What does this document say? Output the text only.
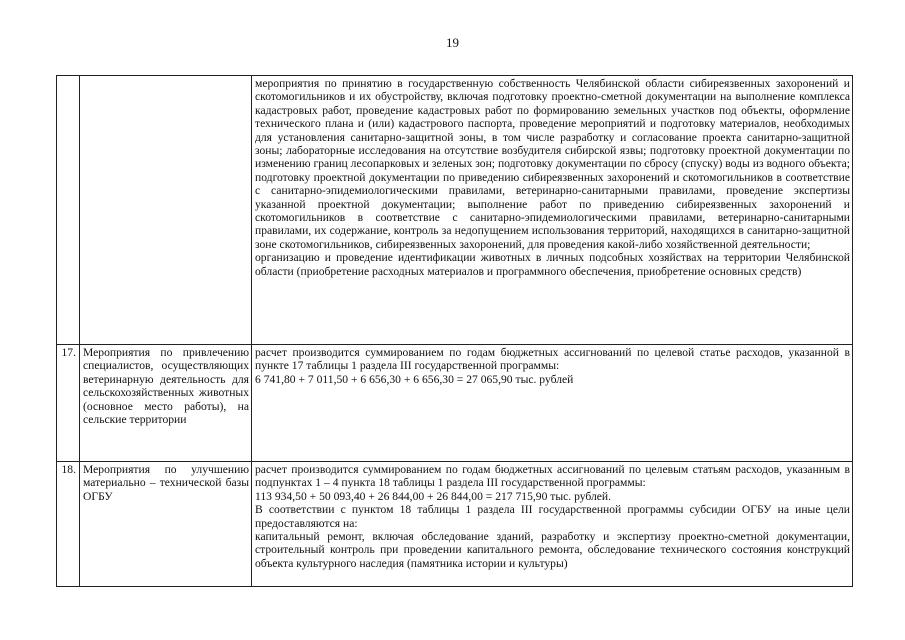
19

		мероприятия по принятию в государственную собственность Челябинской области сибиреязвенных захоронений и скотомогильников и их обустройству, включая подготовку проектно-сметной документации на выполнение комплекса кадастровых работ, проведение кадастровых работ по формированию земельных участков под объекты, оформление технического плана и (или) кадастрового паспорта, проведение мероприятий и подготовку материалов, необходимых для установления санитарно-защитной зоны, в том числе разработку и согласование проекта санитарно-защитной зоны; лабораторные исследования на отсутствие возбудителя сибирской язвы; подготовку проектной документации по изменению границ лесопарковых и зеленых зон; подготовку документации по сбросу (спуску) воды из водного объекта; подготовку проектной документации по приведению сибиреязвенных захоронений и скотомогильников в соответствие с санитарно-эпидемиологическими правилами, ветеринарно-санитарными правилами, проведение экспертизы указанной проектной документации; выполнение работ по приведению сибиреязвенных захоронений и скотомогильников в соответствие с санитарно-эпидемиологическими правилами, ветеринарно-санитарными правилами, их содержание, контроль за недопущением использования территорий, находящихся в санитарно-защитной зоне скотомогильников, сибиреязвенных захоронений, для проведения какой-либо хозяйственной деятельности;
организацию и проведение идентификации животных в личных подсобных хозяйствах на территории Челябинской области (приобретение расходных материалов и программного обеспечения, приобретение основных средств)

17.	Мероприятия по привлечению специалистов, осуществляющих ветеринарную деятельность для сельскохозяйственных животных (основное место работы), на сельские территории	расчет производится суммированием по годам бюджетных ассигнований по целевой статье расходов, указанной в пункте 17 таблицы 1 раздела III государственной программы:
6 741,80 + 7 011,50 + 6 656,30 + 6 656,30 = 27 065,90 тыс. рублей

18.	Мероприятия по улучшению материально – технической базы ОГБУ	расчет производится суммированием по годам бюджетных ассигнований по целевым статьям расходов, указанным в подпунктах 1 – 4 пункта 18 таблицы 1 раздела III государственной программы:
113 934,50 + 50 093,40 + 26 844,00 + 26 844,00 = 217 715,90 тыс. рублей.
В соответствии с пунктом 18 таблицы 1 раздела III государственной программы субсидии ОГБУ на иные цели предоставляются на:
капитальный ремонт, включая обследование зданий, разработку и экспертизу проектно-сметной документации, строительный контроль при проведении капитального ремонта, обследование технического состояния конструкций объекта культурного наследия (памятника истории и культуры)
